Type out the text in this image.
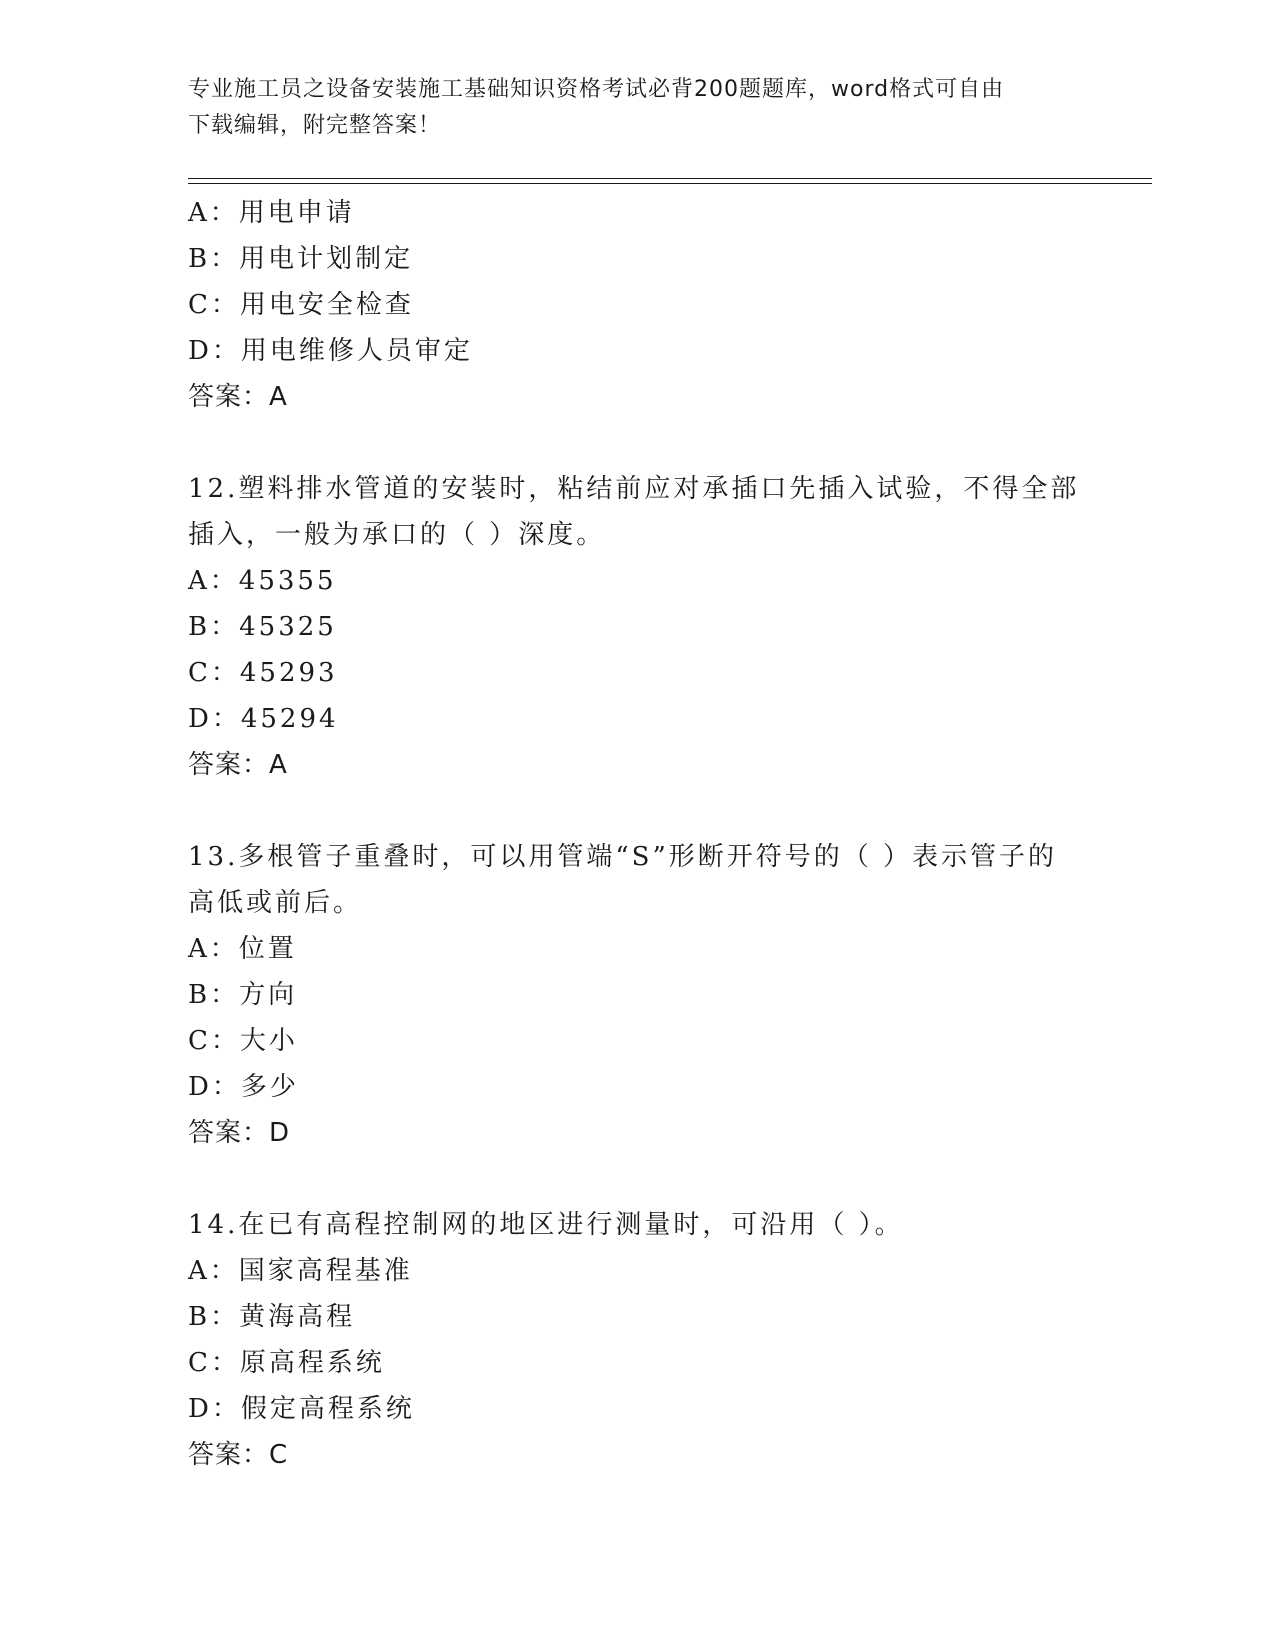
专业施工员之设备安装施工基础知识资格考试必背200题题库，word格式可自由
下载编辑，附完整答案！
A：用电申请
B：用电计划制定
C：用电安全检查
D：用电维修人员审定
答案：A
12.塑料排水管道的安装时，粘结前应对承插口先插入试验，不得全部
插入，一般为承口的（ ）深度。
A：45355
B：45325
C：45293
D：45294
答案：A
13.多根管子重叠时，可以用管端“S”形断开符号的（ ）表示管子的
高低或前后。
A：位置
B：方向
C：大小
D：多少
答案：D
14.在已有高程控制网的地区进行测量时，可沿用（ ）。
A：国家高程基准
B：黄海高程
C：原高程系统
D：假定高程系统
答案：C
